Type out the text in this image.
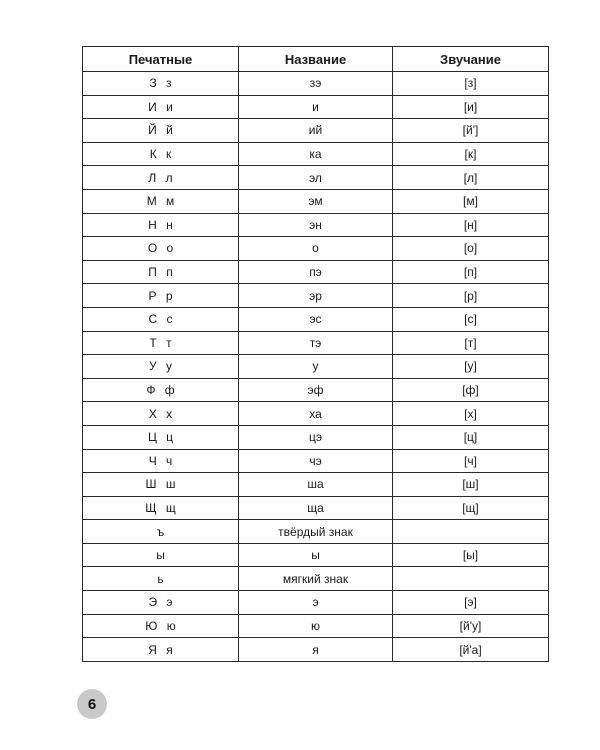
Печатные	Название	Звучание
З з	зэ	[з]
И и	и	[и]
Й й	ий	[й']
К к	ка	[к]
Л л	эл	[л]
М м	эм	[м]
Н н	эн	[н]
О о	о	[о]
П п	пэ	[п]
Р р	эр	[р]
С с	эс	[с]
Т т	тэ	[т]
У у	у	[у]
Ф ф	эф	[ф]
Х х	ха	[х]
Ц ц	цэ	[ц]
Ч ч	чэ	[ч]
Ш ш	ша	[ш]
Щ щ	ща	[щ]
ъ	твёрдый знак	
ы	ы	[ы]
ь	мягкий знак	
Э э	э	[э]
Ю ю	ю	[й'у]
Я я	я	[й'а]
6
